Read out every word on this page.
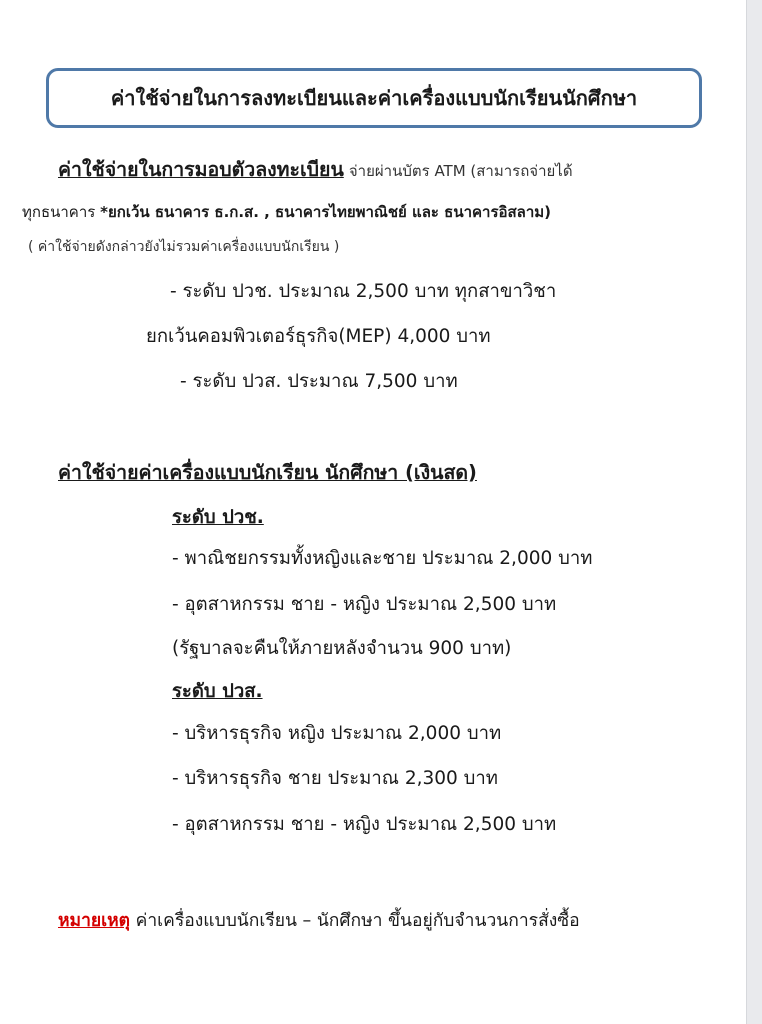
ค่าใช้จ่ายในการลงทะเบียนและค่าเครื่องแบบนักเรียนนักศึกษา
ค่าใช้จ่ายในการมอบตัวลงทะเบียน จ่ายผ่านบัตร ATM (สามารถจ่ายได้
ทุกธนาคาร *ยกเว้น ธนาคาร ธ.ก.ส. , ธนาคารไทยพาณิชย์ และ ธนาคารอิสลาม)
( ค่าใช้จ่ายดังกล่าวยังไม่รวมค่าเครื่องแบบนักเรียน )
- ระดับ ปวช. ประมาณ 2,500 บาท ทุกสาขาวิชา
ยกเว้นคอมพิวเตอร์ธุรกิจ(MEP) 4,000 บาท
- ระดับ ปวส. ประมาณ 7,500 บาท
ค่าใช้จ่ายค่าเครื่องแบบนักเรียน นักศึกษา (เงินสด)
ระดับ ปวช.
- พาณิชยกรรมทั้งหญิงและชาย ประมาณ 2,000 บาท
- อุตสาหกรรม ชาย - หญิง ประมาณ 2,500 บาท
(รัฐบาลจะคืนให้ภายหลังจำนวน 900 บาท)
ระดับ ปวส.
- บริหารธุรกิจ หญิง ประมาณ 2,000 บาท
- บริหารธุรกิจ ชาย ประมาณ 2,300 บาท
- อุตสาหกรรม ชาย - หญิง ประมาณ 2,500 บาท
หมายเหตุ ค่าเครื่องแบบนักเรียน – นักศึกษา ขึ้นอยู่กับจำนวนการสั่งซื้อ
